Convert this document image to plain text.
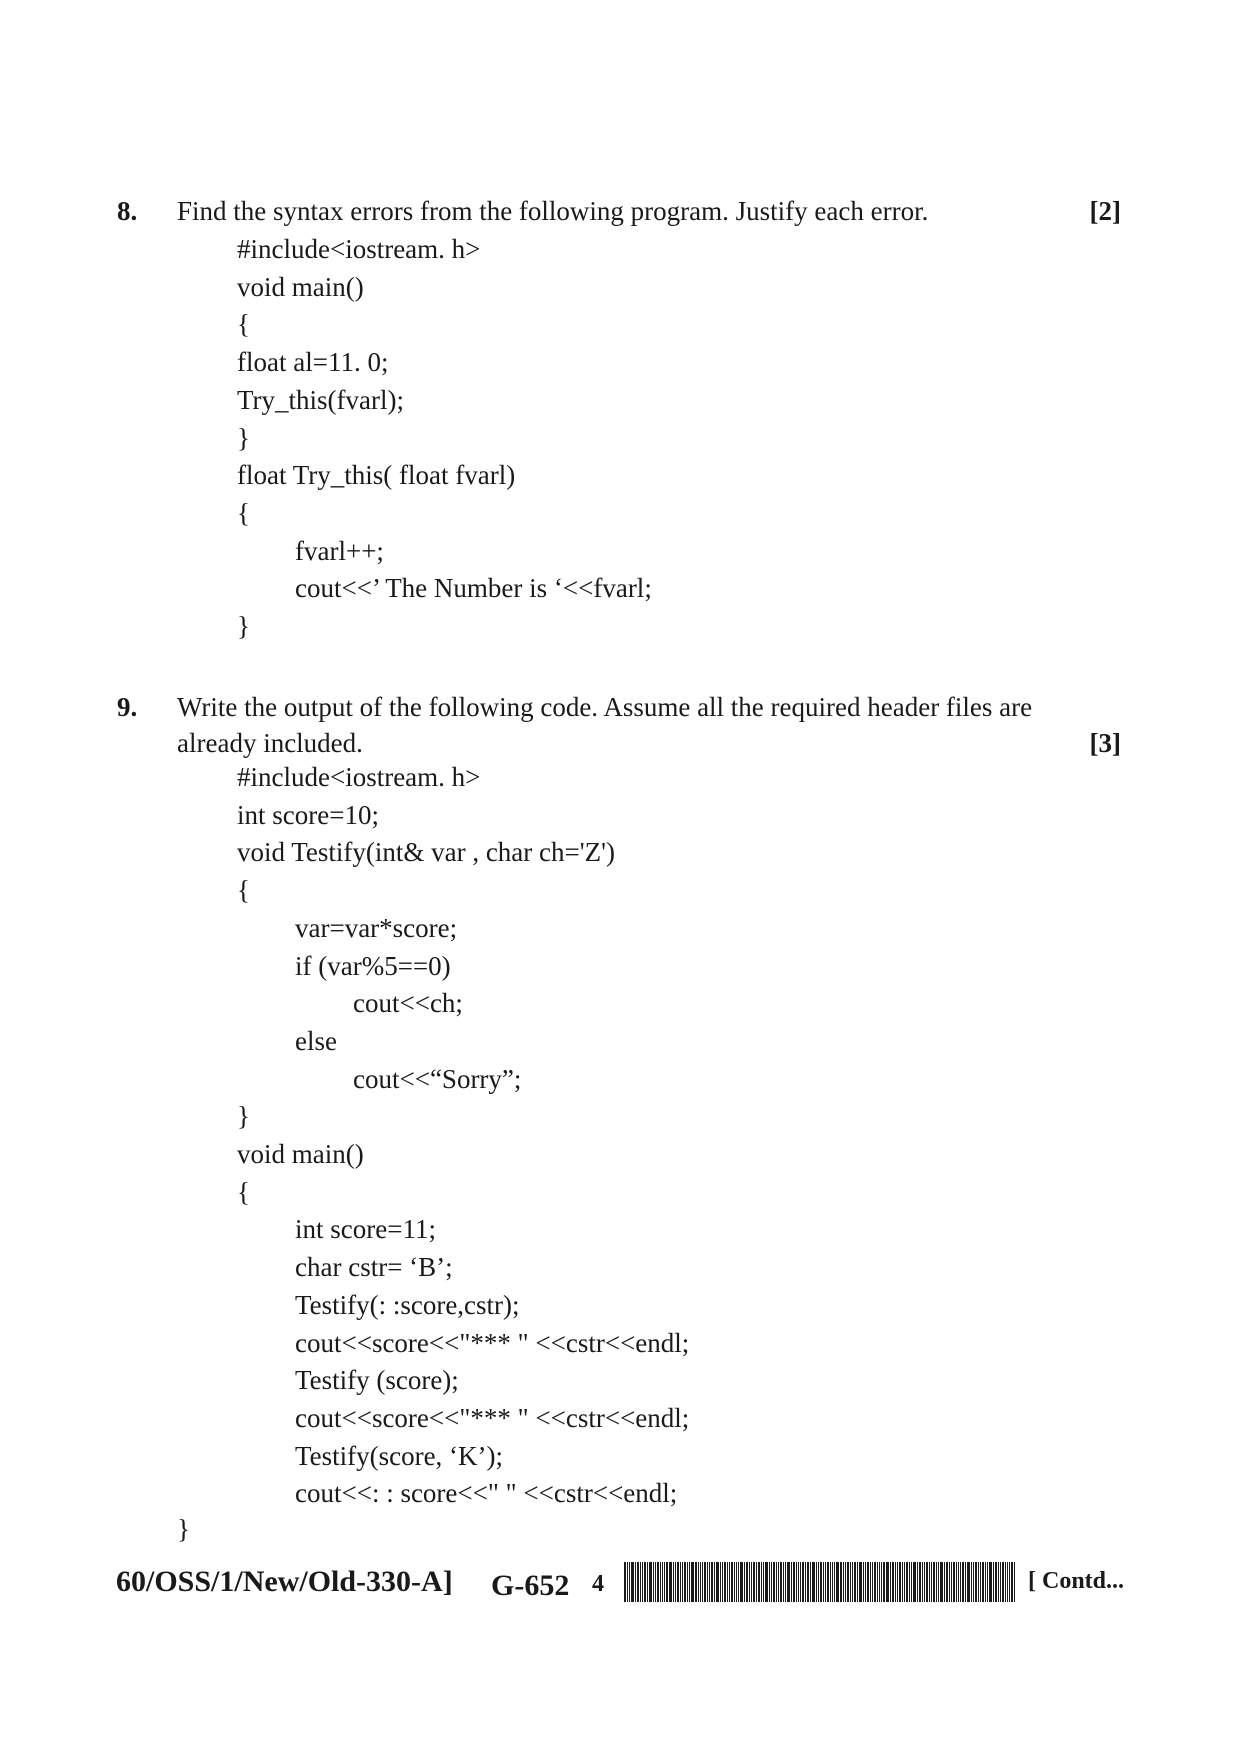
8. Find the syntax errors from the following program. Justify each error.	[2]
#include<iostream. h>
void main()
{
float al=11. 0;
Try_this(fvarl);
}
float Try_this( float fvarl)
{
fvarl++;
cout<<’ The Number is ‘<<fvarl;
}
9. Write the output of the following code. Assume all the required header files are
already included.	[3]
#include<iostream. h>
int score=10;
void Testify(int& var , char ch='Z')
{
var=var*score;
if (var%5==0)
cout<<ch;
else
cout<<“Sorry”;
}
void main()
{
int score=11;
char cstr= ‘B’;
Testify(: :score,cstr);
cout<<score<<"*** " <<cstr<<endl;
Testify (score);
cout<<score<<"*** " <<cstr<<endl;
Testify(score, ‘K’);
cout<<: : score<<" " <<cstr<<endl;
}
60/OSS/1/New/Old-330-A] G-652 4	[ Contd...
